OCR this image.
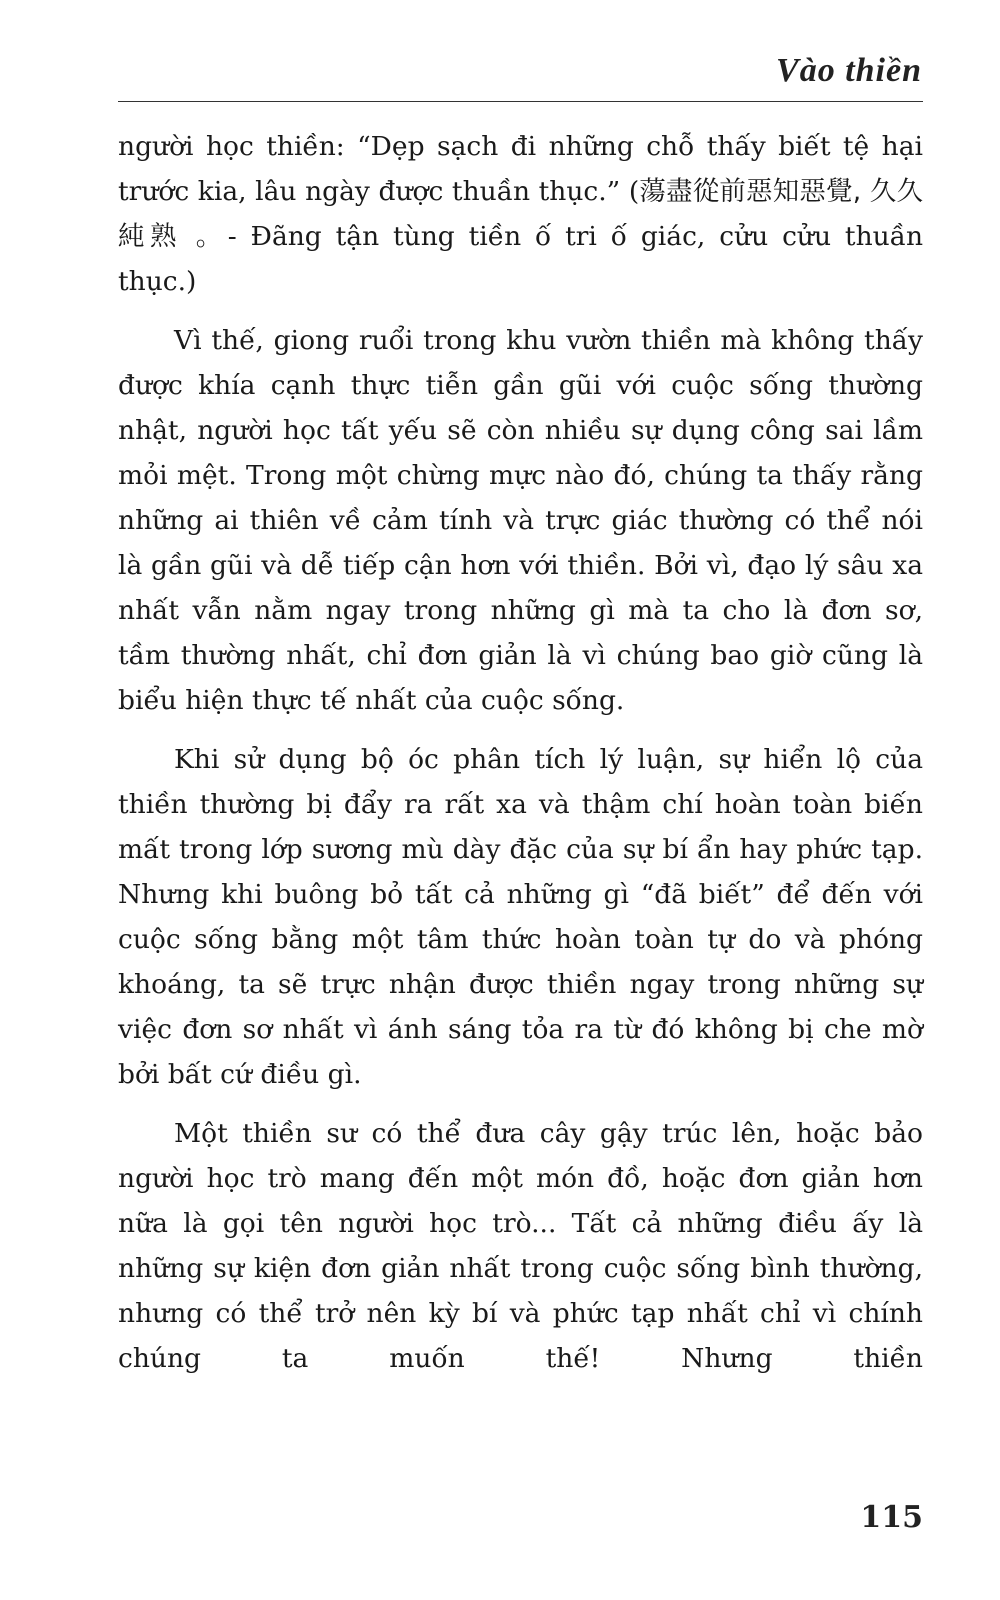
Vào thiền

người học thiền: “Dẹp sạch đi những chỗ thấy biết tệ hại trước kia, lâu ngày được thuần thục.” (蕩盡從前惡知惡覺, 久久純熟 。- Đãng tận tùng tiền ố tri ố giác, cửu cửu thuần thục.)

Vì thế, giong ruổi trong khu vườn thiền mà không thấy được khía cạnh thực tiễn gần gũi với cuộc sống thường nhật, người học tất yếu sẽ còn nhiều sự dụng công sai lầm mỏi mệt. Trong một chừng mực nào đó, chúng ta thấy rằng những ai thiên về cảm tính và trực giác thường có thể nói là gần gũi và dễ tiếp cận hơn với thiền. Bởi vì, đạo lý sâu xa nhất vẫn nằm ngay trong những gì mà ta cho là đơn sơ, tầm thường nhất, chỉ đơn giản là vì chúng bao giờ cũng là biểu hiện thực tế nhất của cuộc sống.

Khi sử dụng bộ óc phân tích lý luận, sự hiển lộ của thiền thường bị đẩy ra rất xa và thậm chí hoàn toàn biến mất trong lớp sương mù dày đặc của sự bí ẩn hay phức tạp. Nhưng khi buông bỏ tất cả những gì “đã biết” để đến với cuộc sống bằng một tâm thức hoàn toàn tự do và phóng khoáng, ta sẽ trực nhận được thiền ngay trong những sự việc đơn sơ nhất vì ánh sáng tỏa ra từ đó không bị che mờ bởi bất cứ điều gì.

Một thiền sư có thể đưa cây gậy trúc lên, hoặc bảo người học trò mang đến một món đồ, hoặc đơn giản hơn nữa là gọi tên người học trò... Tất cả những điều ấy là những sự kiện đơn giản nhất trong cuộc sống bình thường, nhưng có thể trở nên kỳ bí và phức tạp nhất chỉ vì chính chúng ta muốn thế! Nhưng thiền

115
